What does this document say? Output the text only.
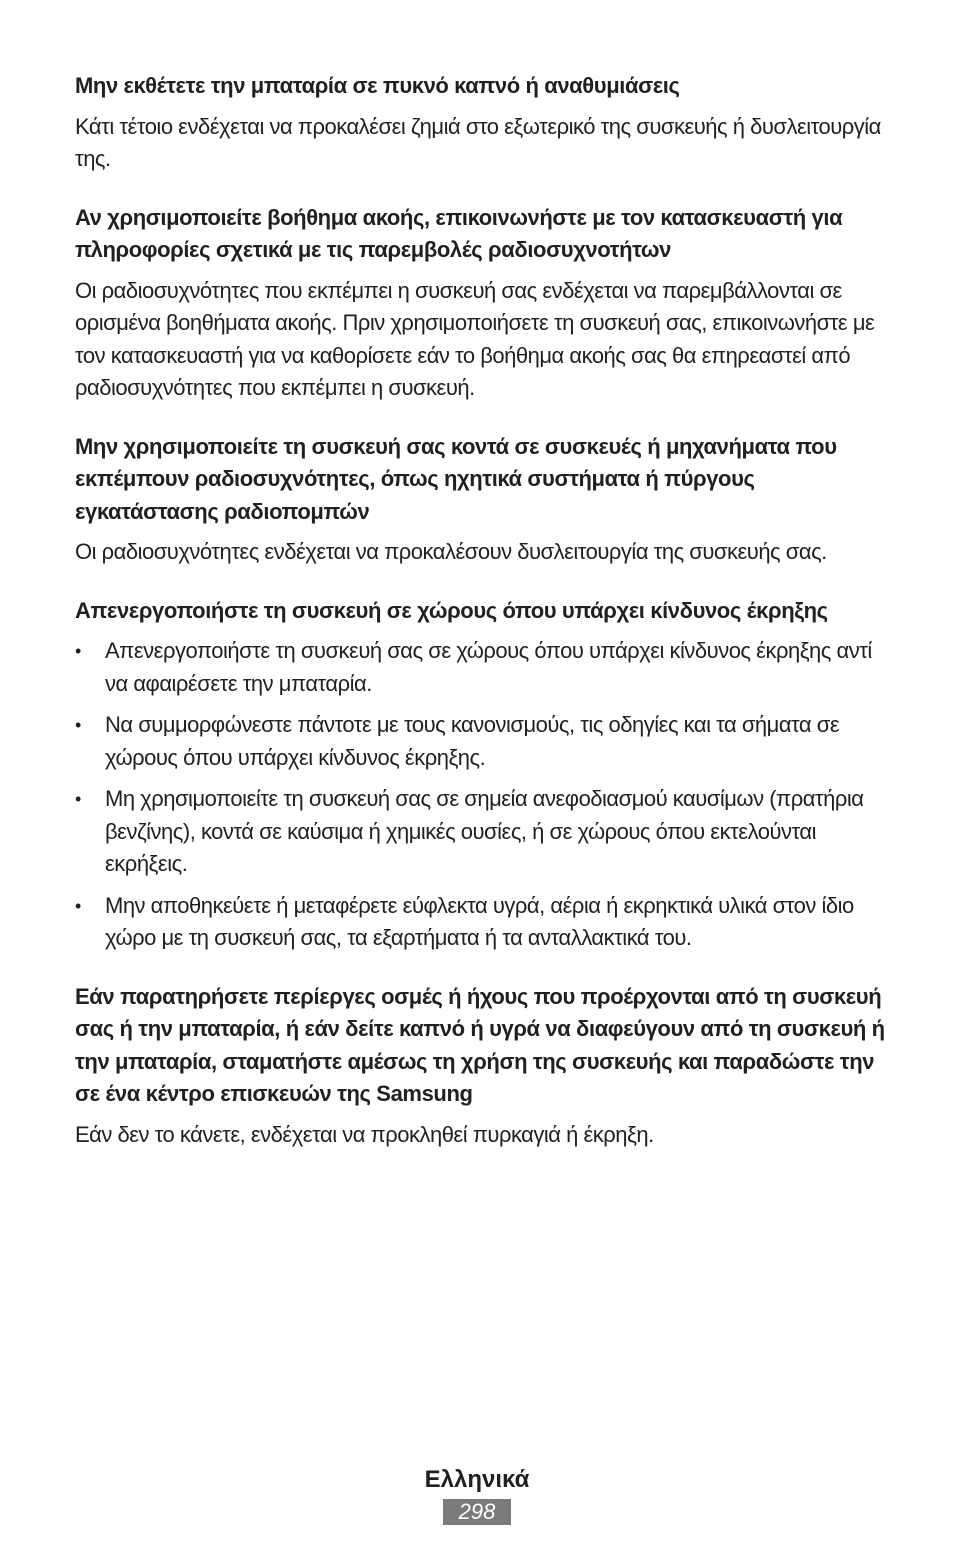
Μην εκθέτετε την μπαταρία σε πυκνό καπνό ή αναθυμιάσεις

Κάτι τέτοιο ενδέχεται να προκαλέσει ζημιά στο εξωτερικό της συσκευής ή δυσλειτουργία της.

Αν χρησιμοποιείτε βοήθημα ακοής, επικοινωνήστε με τον κατασκευαστή για πληροφορίες σχετικά με τις παρεμβολές ραδιοσυχνοτήτων

Οι ραδιοσυχνότητες που εκπέμπει η συσκευή σας ενδέχεται να παρεμβάλλονται σε ορισμένα βοηθήματα ακοής. Πριν χρησιμοποιήσετε τη συσκευή σας, επικοινωνήστε με τον κατασκευαστή για να καθορίσετε εάν το βοήθημα ακοής σας θα επηρεαστεί από ραδιοσυχνότητες που εκπέμπει η συσκευή.

Μην χρησιμοποιείτε τη συσκευή σας κοντά σε συσκευές ή μηχανήματα που εκπέμπουν ραδιοσυχνότητες, όπως ηχητικά συστήματα ή πύργους εγκατάστασης ραδιοπομπών

Οι ραδιοσυχνότητες ενδέχεται να προκαλέσουν δυσλειτουργία της συσκευής σας.

Απενεργοποιήστε τη συσκευή σε χώρους όπου υπάρχει κίνδυνος έκρηξης

• Απενεργοποιήστε τη συσκευή σας σε χώρους όπου υπάρχει κίνδυνος έκρηξης αντί να αφαιρέσετε την μπαταρία.
• Να συμμορφώνεστε πάντοτε με τους κανονισμούς, τις οδηγίες και τα σήματα σε χώρους όπου υπάρχει κίνδυνος έκρηξης.
• Μη χρησιμοποιείτε τη συσκευή σας σε σημεία ανεφοδιασμού καυσίμων (πρατήρια βενζίνης), κοντά σε καύσιμα ή χημικές ουσίες, ή σε χώρους όπου εκτελούνται εκρήξεις.
• Μην αποθηκεύετε ή μεταφέρετε εύφλεκτα υγρά, αέρια ή εκρηκτικά υλικά στον ίδιο χώρο με τη συσκευή σας, τα εξαρτήματα ή τα ανταλλακτικά του.

Εάν παρατηρήσετε περίεργες οσμές ή ήχους που προέρχονται από τη συσκευή σας ή την μπαταρία, ή εάν δείτε καπνό ή υγρά να διαφεύγουν από τη συσκευή ή την μπαταρία, σταματήστε αμέσως τη χρήση της συσκευής και παραδώστε την σε ένα κέντρο επισκευών της Samsung

Εάν δεν το κάνετε, ενδέχεται να προκληθεί πυρκαγιά ή έκρηξη.

Ελληνικά

298
